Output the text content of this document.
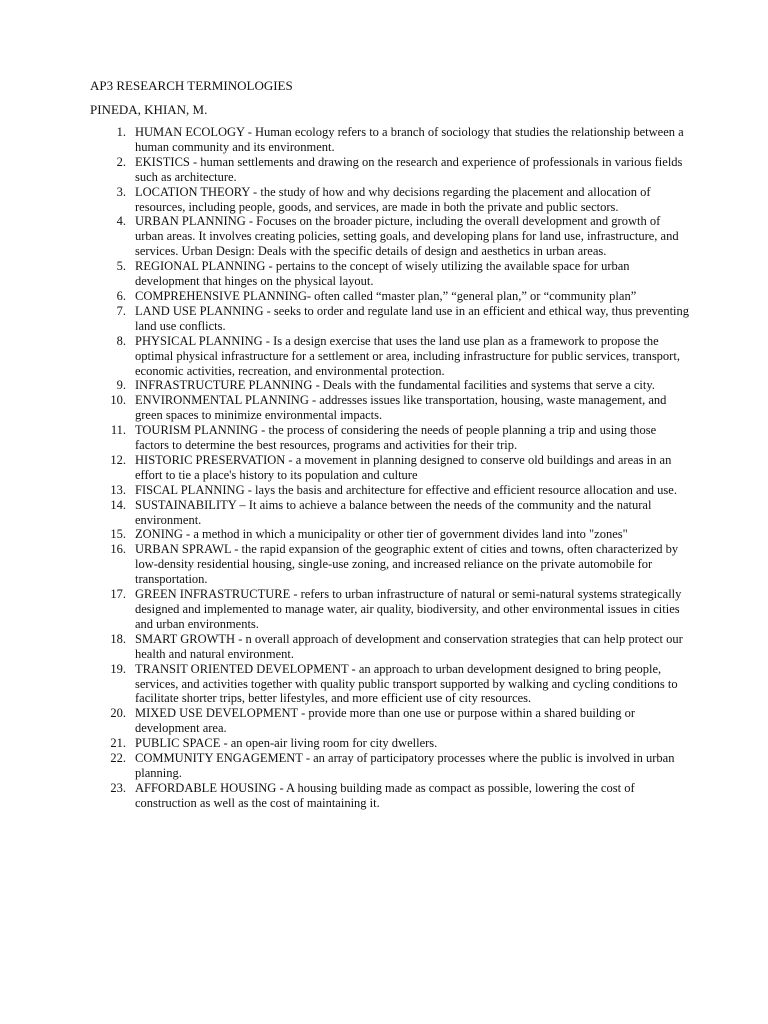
AP3 RESEARCH TERMINOLOGIES
PINEDA, KHIAN, M.
1. HUMAN ECOLOGY - Human ecology refers to a branch of sociology that studies the relationship between a human community and its environment.
2. EKISTICS - human settlements and drawing on the research and experience of professionals in various fields such as architecture.
3. LOCATION THEORY - the study of how and why decisions regarding the placement and allocation of resources, including people, goods, and services, are made in both the private and public sectors.
4. URBAN PLANNING - Focuses on the broader picture, including the overall development and growth of urban areas. It involves creating policies, setting goals, and developing plans for land use, infrastructure, and services. Urban Design: Deals with the specific details of design and aesthetics in urban areas.
5. REGIONAL PLANNING - pertains to the concept of wisely utilizing the available space for urban development that hinges on the physical layout.
6. COMPREHENSIVE PLANNING- often called “master plan,” “general plan,” or “community plan”
7. LAND USE PLANNING - seeks to order and regulate land use in an efficient and ethical way, thus preventing land use conflicts.
8. PHYSICAL PLANNING - Is a design exercise that uses the land use plan as a framework to propose the optimal physical infrastructure for a settlement or area, including infrastructure for public services, transport, economic activities, recreation, and environmental protection.
9. INFRASTRUCTURE PLANNING - Deals with the fundamental facilities and systems that serve a city.
10. ENVIRONMENTAL PLANNING - addresses issues like transportation, housing, waste management, and green spaces to minimize environmental impacts.
11. TOURISM PLANNING - the process of considering the needs of people planning a trip and using those factors to determine the best resources, programs and activities for their trip.
12. HISTORIC PRESERVATION - a movement in planning designed to conserve old buildings and areas in an effort to tie a place's history to its population and culture
13. FISCAL PLANNING - lays the basis and architecture for effective and efficient resource allocation and use.
14. SUSTAINABILITY – It aims to achieve a balance between the needs of the community and the natural environment.
15. ZONING - a method in which a municipality or other tier of government divides land into "zones"
16. URBAN SPRAWL - the rapid expansion of the geographic extent of cities and towns, often characterized by low-density residential housing, single-use zoning, and increased reliance on the private automobile for transportation.
17. GREEN INFRASTRUCTURE - refers to urban infrastructure of natural or semi-natural systems strategically designed and implemented to manage water, air quality, biodiversity, and other environmental issues in cities and urban environments.
18. SMART GROWTH - n overall approach of development and conservation strategies that can help protect our health and natural environment.
19. TRANSIT ORIENTED DEVELOPMENT - an approach to urban development designed to bring people, services, and activities together with quality public transport supported by walking and cycling conditions to facilitate shorter trips, better lifestyles, and more efficient use of city resources.
20. MIXED USE DEVELOPMENT - provide more than one use or purpose within a shared building or development area.
21. PUBLIC SPACE - an open-air living room for city dwellers.
22. COMMUNITY ENGAGEMENT - an array of participatory processes where the public is involved in urban planning.
23. AFFORDABLE HOUSING - A housing building made as compact as possible, lowering the cost of construction as well as the cost of maintaining it.
